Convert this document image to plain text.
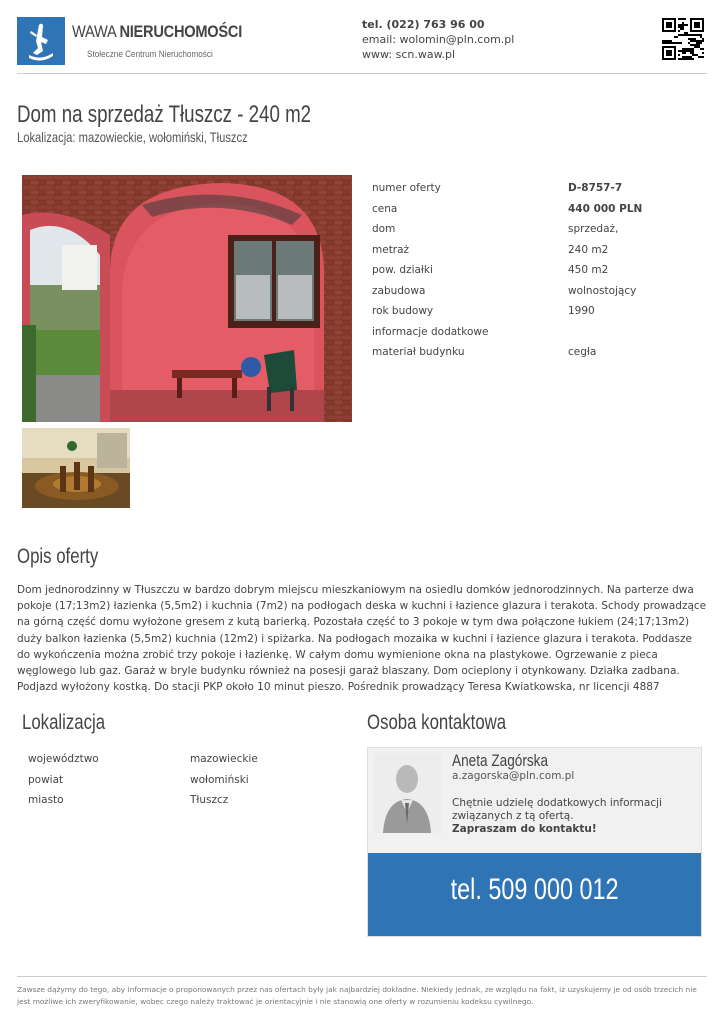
WAWA NIERUCHOMOŚCI
Stołeczne Centrum Nieruchomości
tel. (022) 763 96 00
email: wolomin@pln.com.pl
www: scn.waw.pl
Dom na sprzedaż Tłuszcz - 240 m2
Lokalizacja: mazowieckie, wołomiński, Tłuszcz
numer oferty	D-8757-7
cena	440 000 PLN
dom	sprzedaż,
metraż	240 m2
pow. działki	450 m2
zabudowa	wolnostojący
rok budowy	1990
informacje dodatkowe
materiał budynku	cegła
Opis oferty
Dom jednorodzinny w Tłuszczu w bardzo dobrym miejscu mieszkaniowym na osiedlu domków jednorodzinnych. Na parterze dwa pokoje (17;13m2) łazienka (5,5m2) i kuchnia (7m2) na podłogach deska w kuchni i łazience glazura i terakota. Schody prowadzące na górną część domu wyłożone gresem z kutą barierką. Pozostała część to 3 pokoje w tym dwa połączone łukiem (24;17;13m2) duży balkon łazienka (5,5m2) kuchnia (12m2) i spiżarka. Na podłogach mozaika w kuchni i łazience glazura i terakota. Poddasze do wykończenia można zrobić trzy pokoje i łazienkę. W całym domu wymienione okna na plastykowe. Ogrzewanie z pieca węglowego lub gaz. Garaż w bryle budynku również na posesji garaż blaszany. Dom ocieplony i otynkowany. Działka zadbana. Podjazd wyłożony kostką. Do stacji PKP około 10 minut pieszo. Pośrednik prowadzący Teresa Kwiatkowska, nr licencji 4887
Lokalizacja
województwo	mazowieckie
powiat	wołomiński
miasto	Tłuszcz
Osoba kontaktowa
Aneta Zagórska
a.zagorska@pln.com.pl
Chętnie udzielę dodatkowych informacji związanych z tą ofertą.
Zapraszam do kontaktu!
tel. 509 000 012
Zawsze dążymy do tego, aby informacje o proponowanych przez nas ofertach były jak najbardziej dokładne. Niekiedy jednak, ze względu na fakt, iż uzyskujemy je od osób trzecich nie jest możliwe ich zweryfikowanie, wobec czego należy traktować je orientacyjnie i nie stanowią one oferty w rozumieniu kodeksu cywilnego.
